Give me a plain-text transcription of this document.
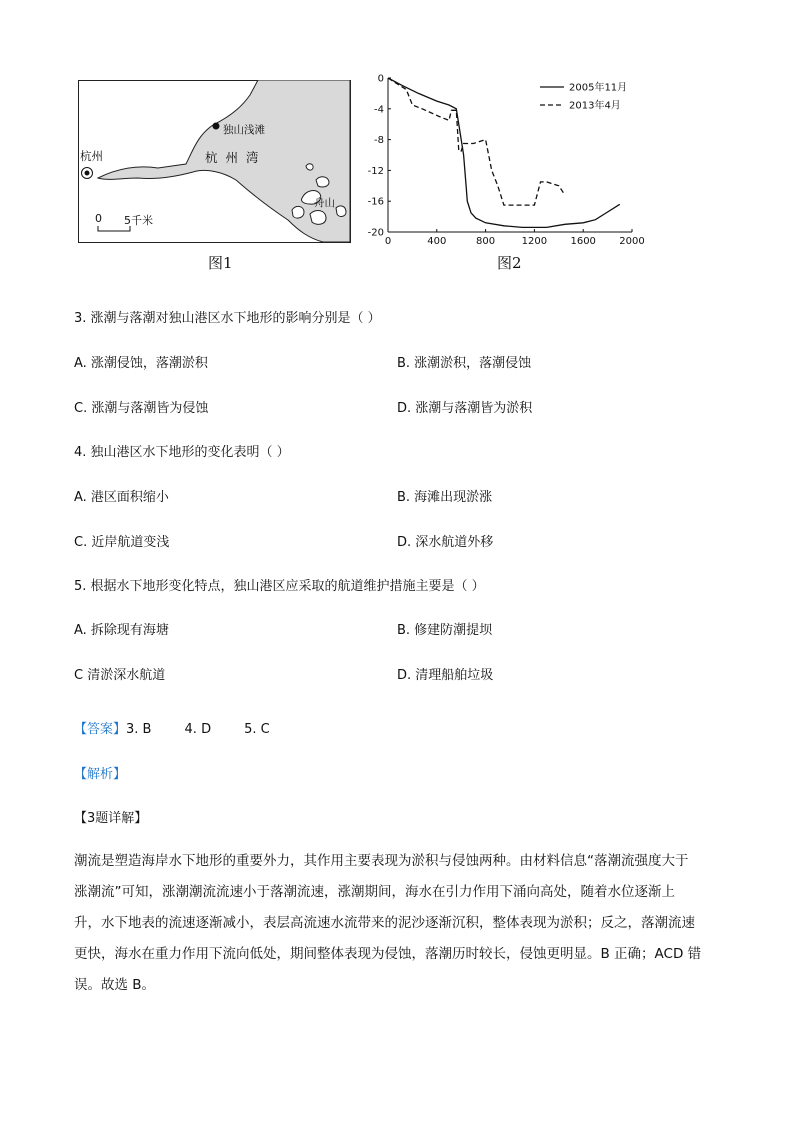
杭州
独山浅滩
杭  州  湾
舟山
0 5千米
图1
0
-4
-8
-12
-16
-20
0	400	800	1200 1600 2000
2005年11月
2013年4月
图2
3. 涨潮与落潮对独山港区水下地形的影响分别是（ ）
A. 涨潮侵蚀，落潮淤积	B. 涨潮淤积，落潮侵蚀
C. 涨潮与落潮皆为侵蚀	D. 涨潮与落潮皆为淤积
4. 独山港区水下地形的变化表明（ ）
A. 港区面积缩小	B. 海滩出现淤涨
C. 近岸航道变浅	D. 深水航道外移
5. 根据水下地形变化特点，独山港区应采取的航道维护措施主要是（ ）
A. 拆除现有海塘	B. 修建防潮提坝
C 清淤深水航道	D. 清理船舶垃圾
【答案】3. B        4. D        5. C
【解析】
【3题详解】
潮流是塑造海岸水下地形的重要外力，其作用主要表现为淤积与侵蚀两种。由材料信息“落潮流强度大于
涨潮流”可知，涨潮潮流流速小于落潮流速，涨潮期间，海水在引力作用下涌向高处，随着水位逐渐上
升，水下地表的流速逐渐减小，表层高流速水流带来的泥沙逐渐沉积，整体表现为淤积；反之，落潮流速
更快，海水在重力作用下流向低处，期间整体表现为侵蚀，落潮历时较长，侵蚀更明显。B 正确；ACD 错
误。故选 B。
